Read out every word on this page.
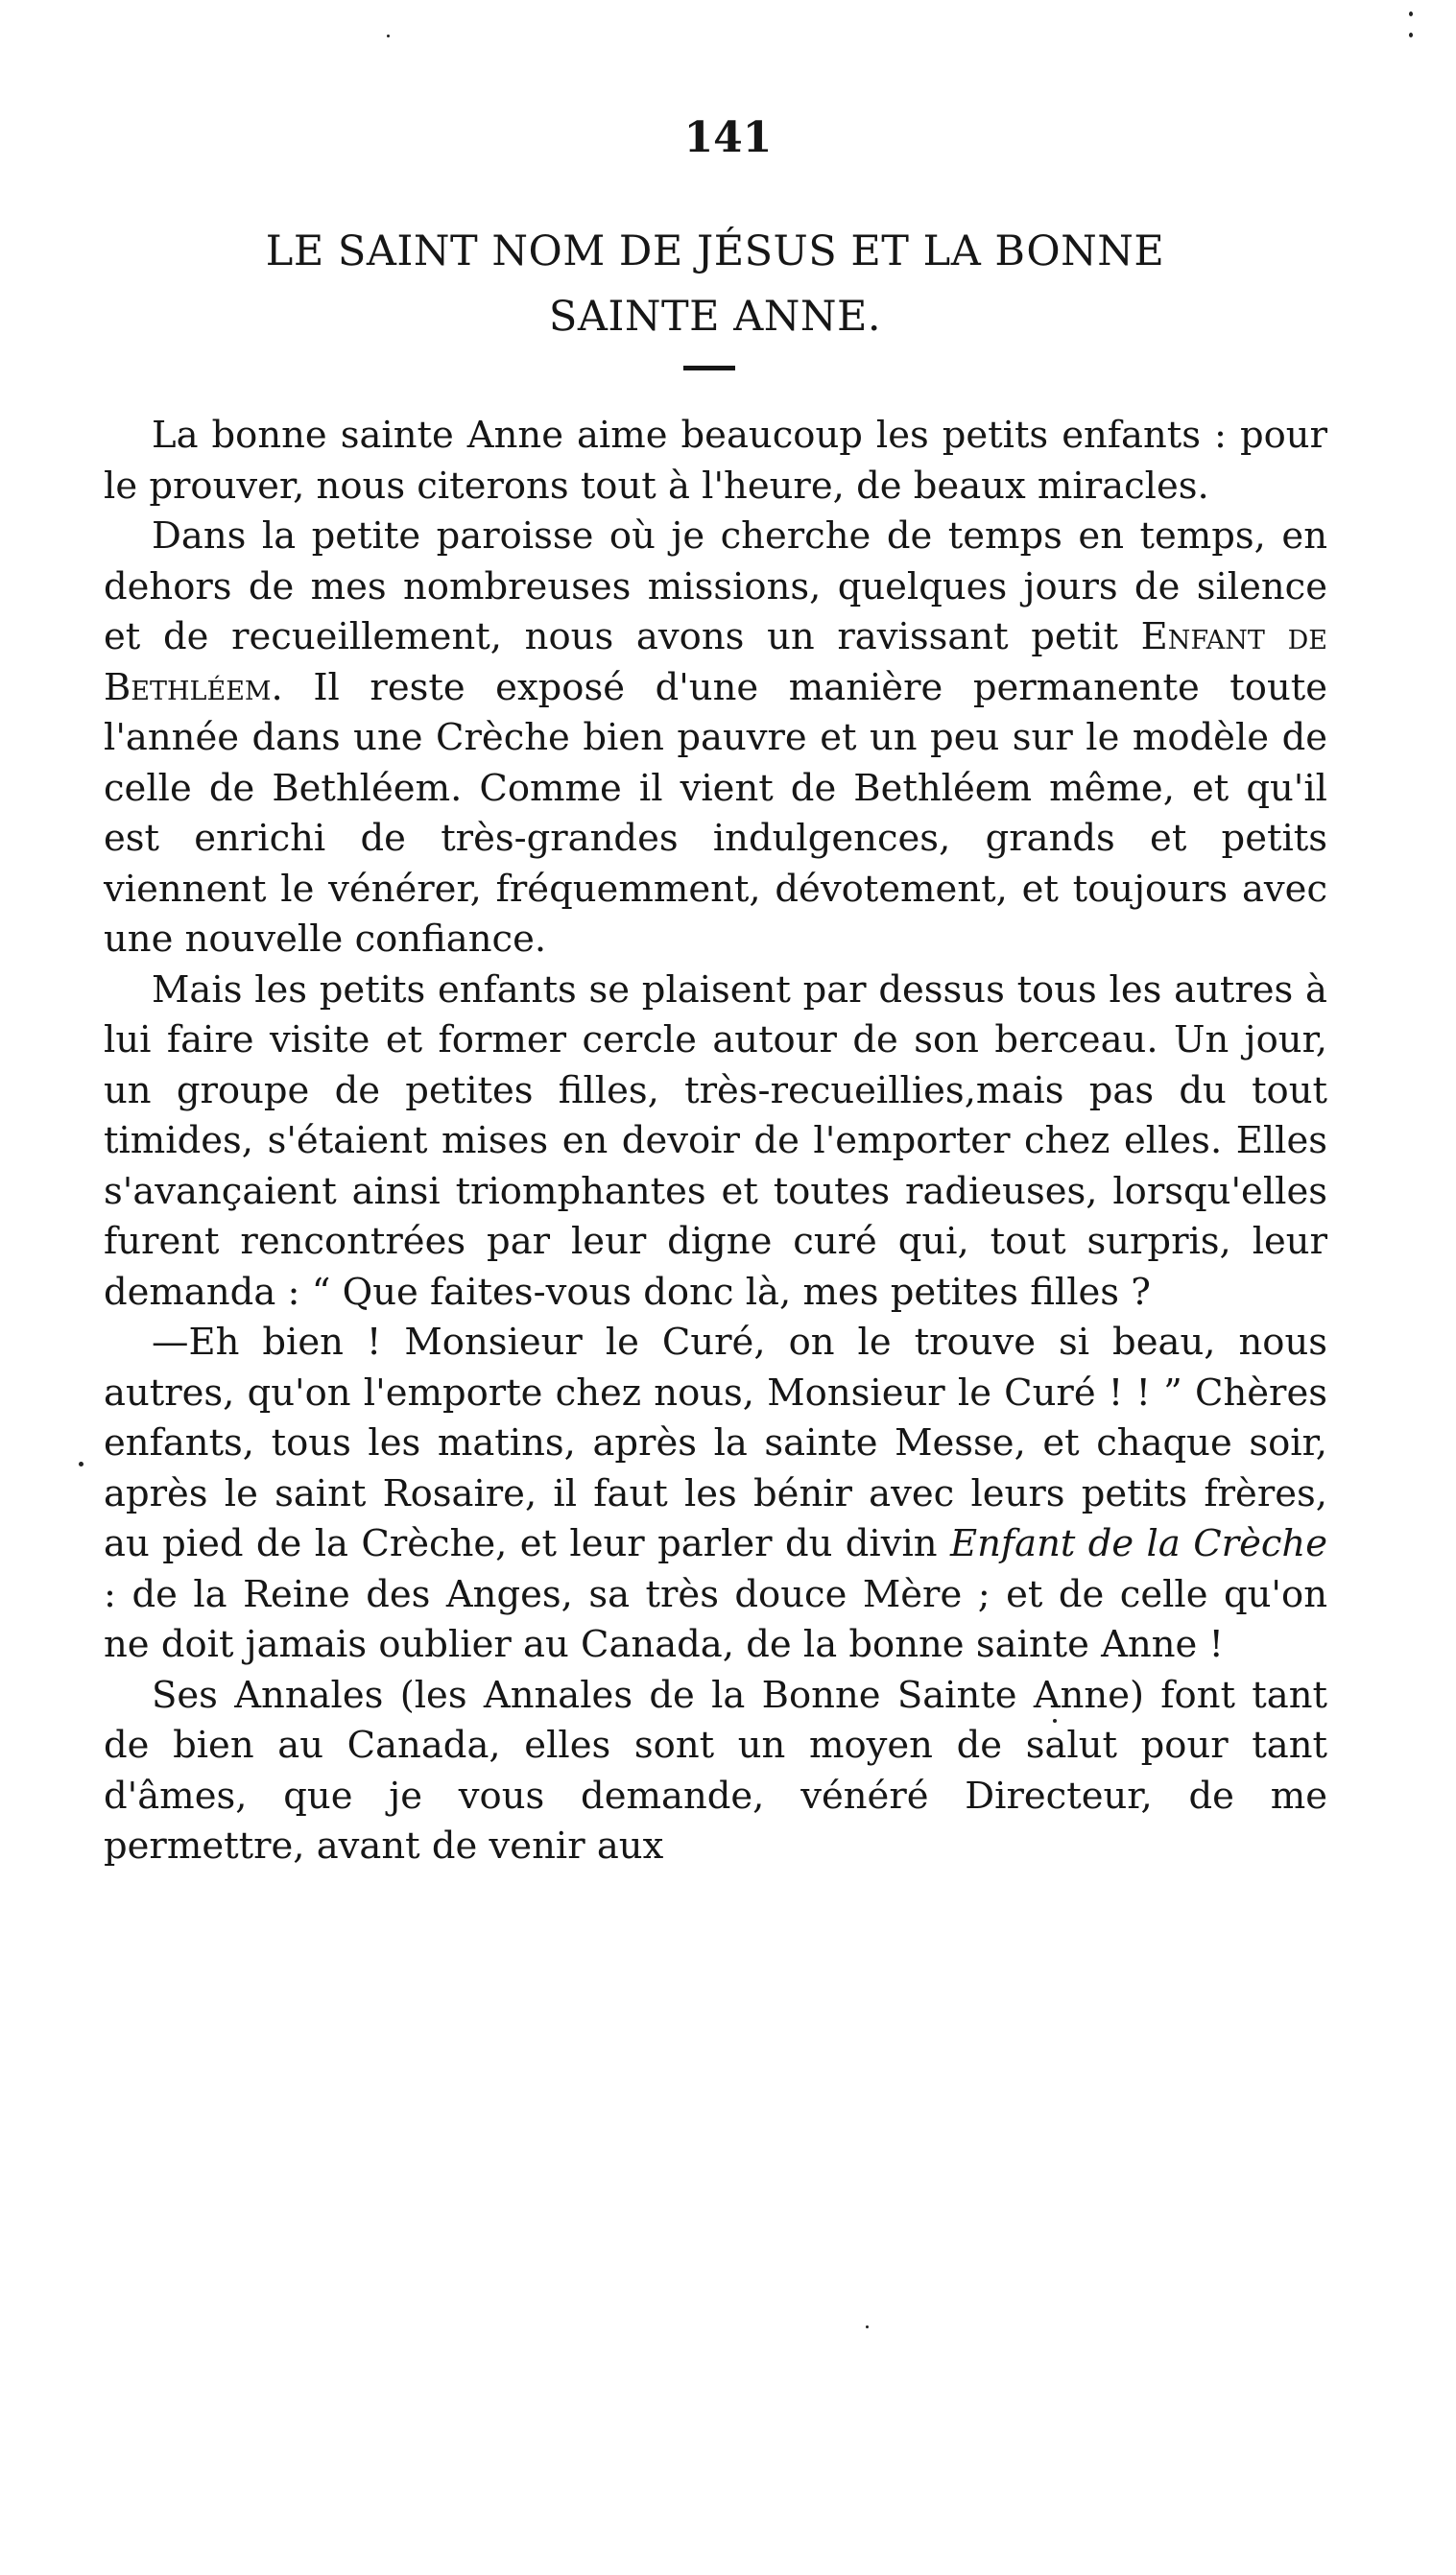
141
LE SAINT NOM DE JÉSUS ET LA BONNE
SAINTE ANNE.

La bonne sainte Anne aime beaucoup les petits enfants : pour le prouver, nous citerons tout à l'heure, de beaux miracles.

Dans la petite paroisse où je cherche de temps en temps, en dehors de mes nombreuses missions, quelques jours de silence et de recueillement, nous avons un ravissant petit Enfant de Bethléem. Il reste exposé d'une manière permanente toute l'année dans une Crèche bien pauvre et un peu sur le modèle de celle de Bethléem. Comme il vient de Bethléem même, et qu'il est enrichi de très-grandes indulgences, grands et petits viennent le vénérer, fréquemment, dévotement, et toujours avec une nouvelle confiance.

Mais les petits enfants se plaisent par dessus tous les autres à lui faire visite et former cercle autour de son berceau. Un jour, un groupe de petites filles, très-recueillies,mais pas du tout timides, s'étaient mises en devoir de l'emporter chez elles. Elles s'avançaient ainsi triomphantes et toutes radieuses, lorsqu'elles furent rencontrées par leur digne curé qui, tout surpris, leur demanda : “ Que faites-vous donc là, mes petites filles ?

—Eh bien ! Monsieur le Curé, on le trouve si beau, nous autres, qu'on l'emporte chez nous, Monsieur le Curé ! ! ” Chères enfants, tous les matins, après la sainte Messe, et chaque soir, après le saint Rosaire, il faut les bénir avec leurs petits frères, au pied de la Crèche, et leur parler du divin Enfant de la Crèche : de la Reine des Anges, sa très douce Mère ; et de celle qu'on ne doit jamais oublier au Canada, de la bonne sainte Anne !

Ses Annales (les Annales de la Bonne Sainte Anne) font tant de bien au Canada, elles sont un moyen de salut pour tant d'âmes, que je vous demande, vénéré Directeur, de me permettre, avant de venir aux
